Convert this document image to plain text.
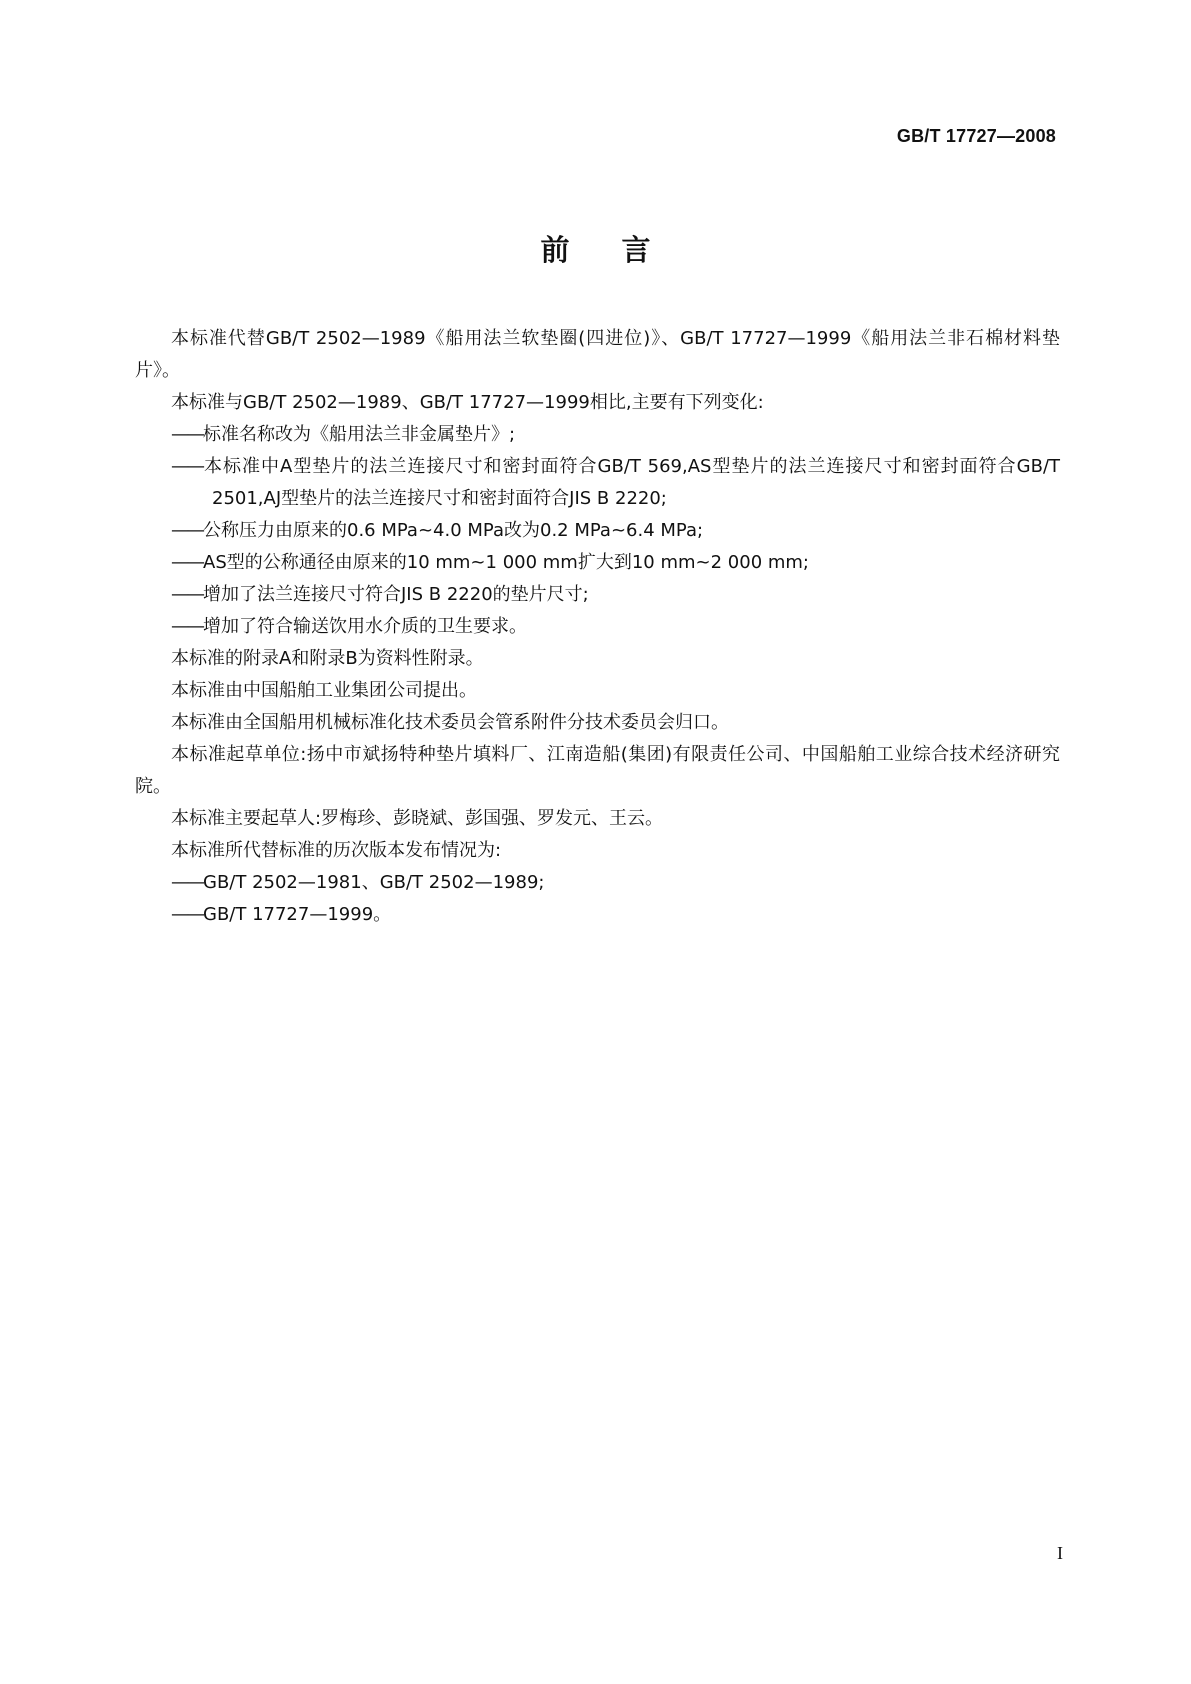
GB/T 17727—2008
前言

本标准代替GB/T 2502—1989《船用法兰软垫圈(四进位)》、GB/T 17727—1999《船用法兰非石棉材料垫片》。

本标准与GB/T 2502—1989、GB/T 17727—1999相比,主要有下列变化:

——标准名称改为《船用法兰非金属垫片》;

——本标准中A型垫片的法兰连接尺寸和密封面符合GB/T 569,AS型垫片的法兰连接尺寸和密封面符合GB/T 2501,AJ型垫片的法兰连接尺寸和密封面符合JIS B 2220;

——公称压力由原来的0.6 MPa~4.0 MPa改为0.2 MPa~6.4 MPa;

——AS型的公称通径由原来的10 mm~1 000 mm扩大到10 mm~2 000 mm;

——增加了法兰连接尺寸符合JIS B 2220的垫片尺寸;

——增加了符合输送饮用水介质的卫生要求。

本标准的附录A和附录B为资料性附录。

本标准由中国船舶工业集团公司提出。

本标准由全国船用机械标准化技术委员会管系附件分技术委员会归口。

本标准起草单位:扬中市斌扬特种垫片填料厂、江南造船(集团)有限责任公司、中国船舶工业综合技术经济研究院。

本标准主要起草人:罗梅珍、彭晓斌、彭国强、罗发元、王云。

本标准所代替标准的历次版本发布情况为:

——GB/T 2502—1981、GB/T 2502—1989;

——GB/T 17727—1999。

I
